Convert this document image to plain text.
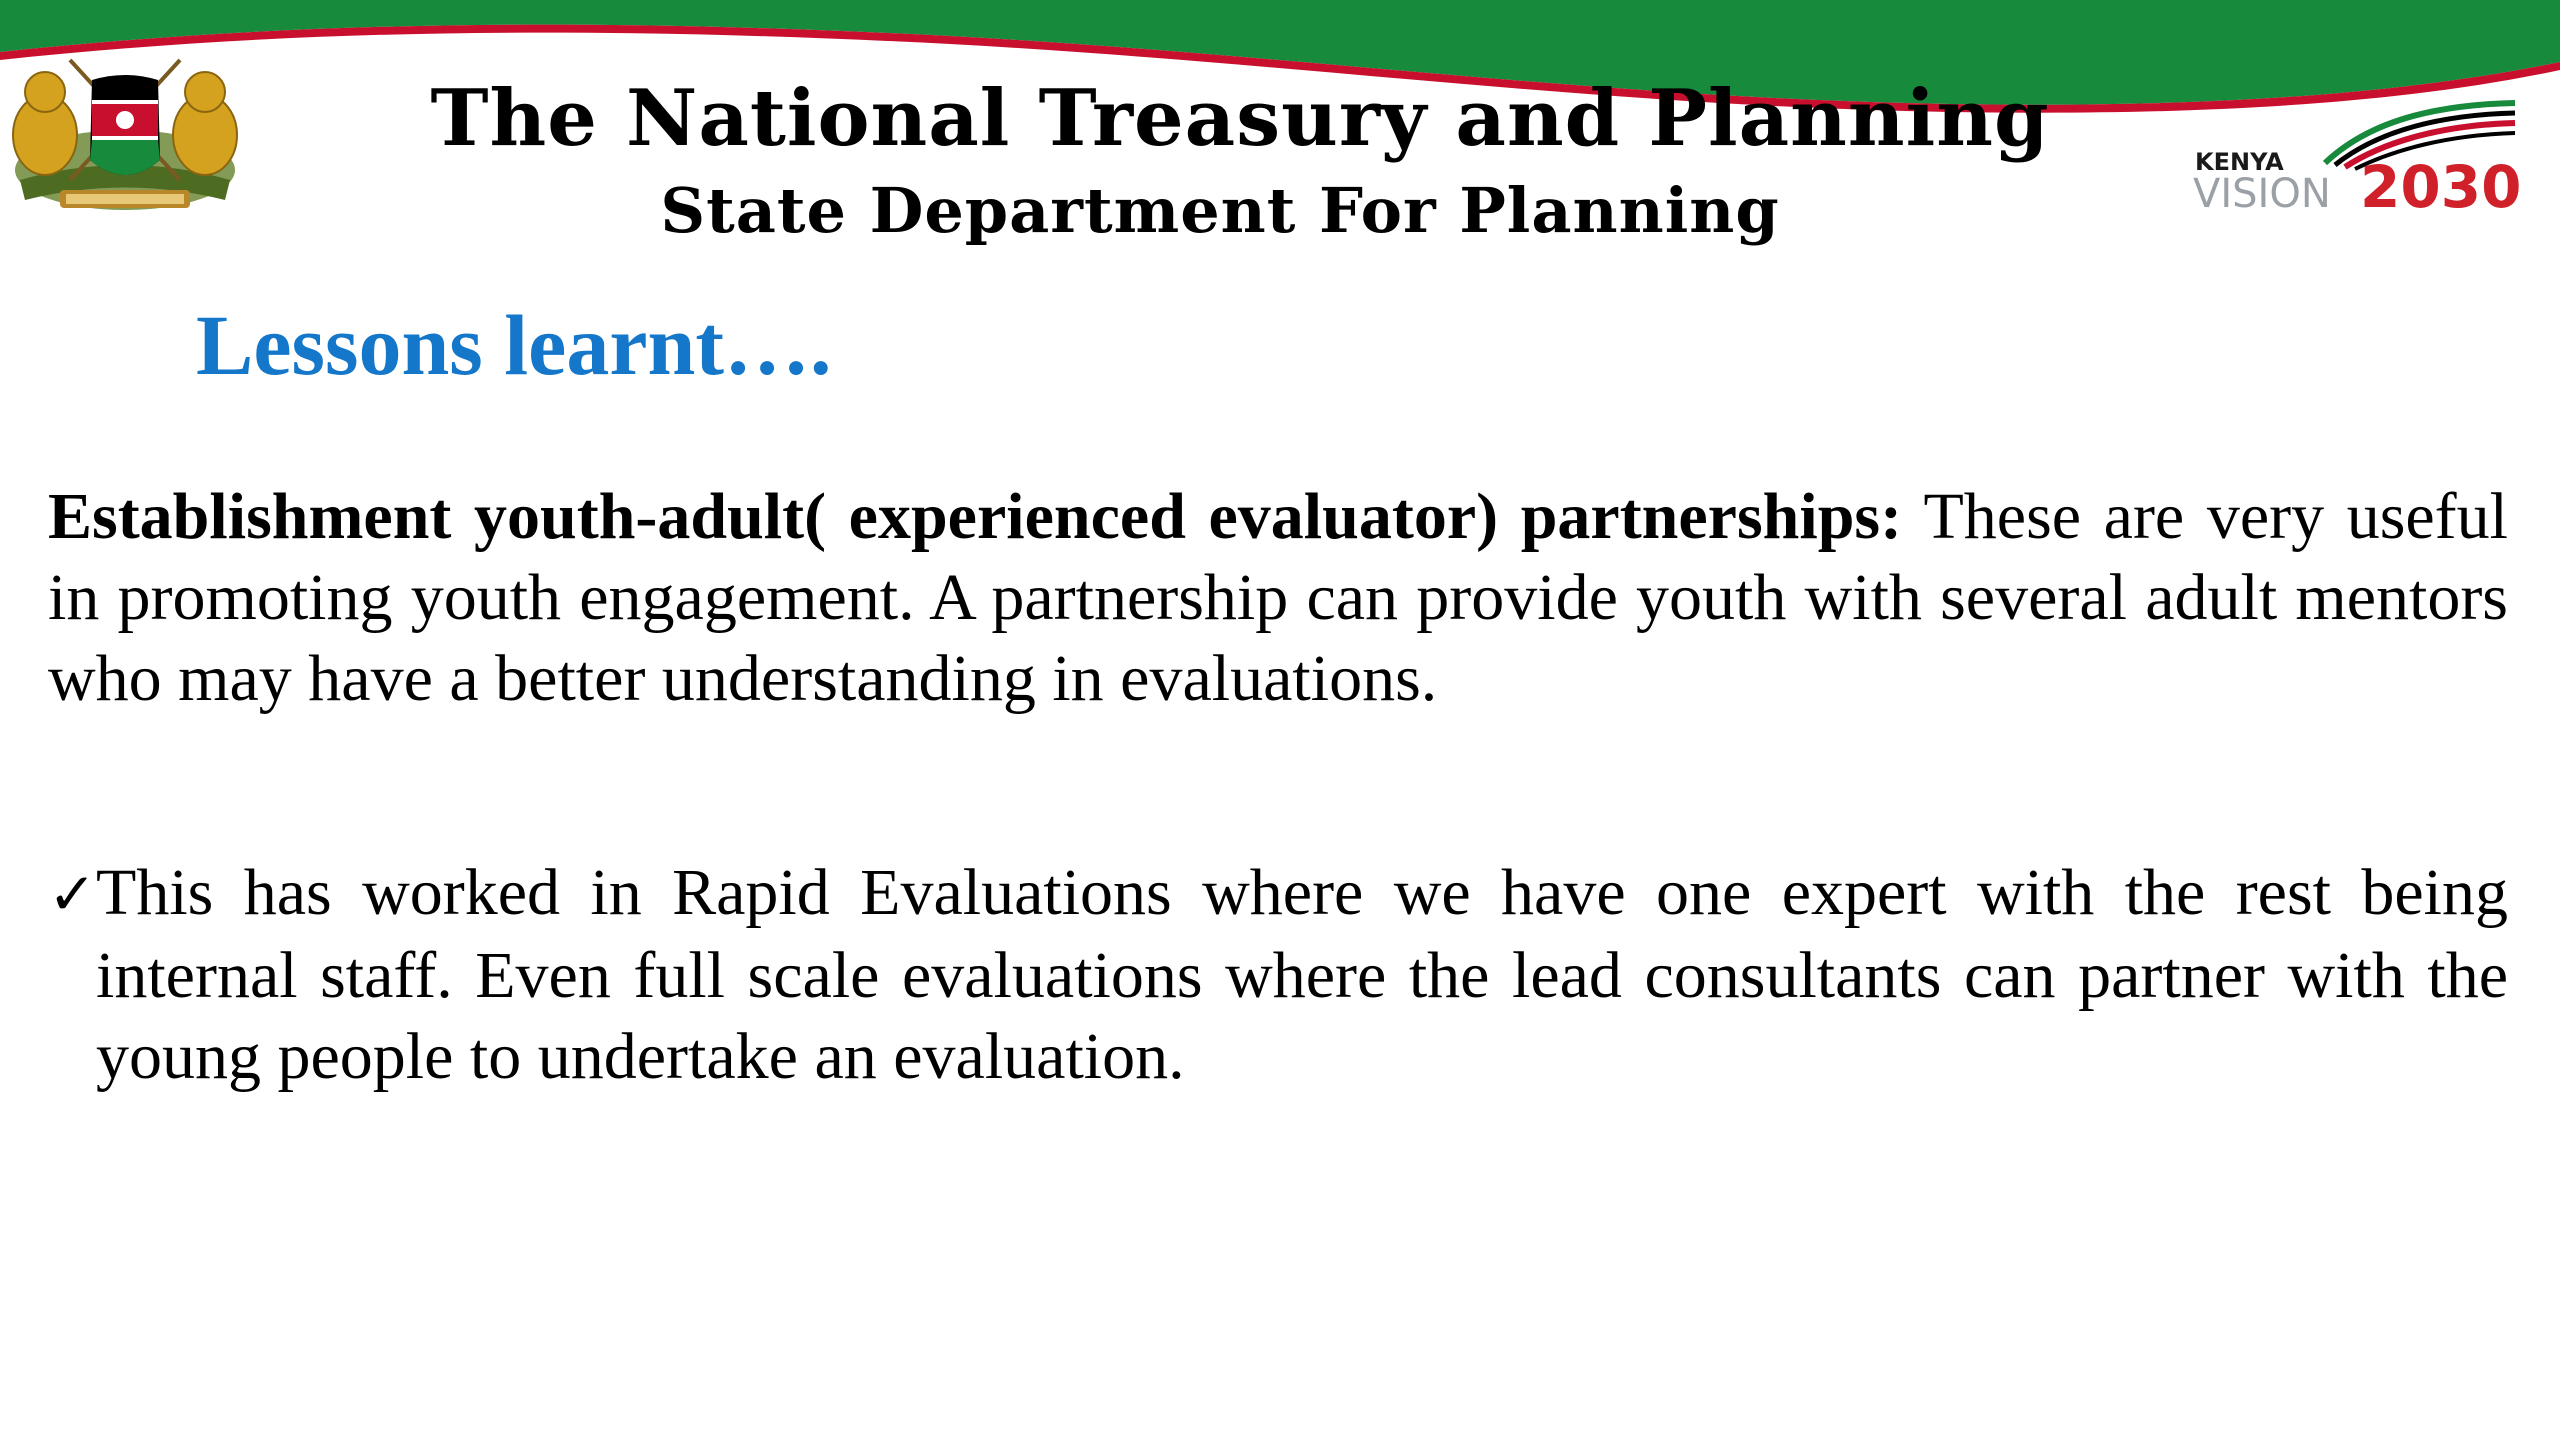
The National Treasury and Planning
State Department For Planning
KENYA
VISION 2030
Lessons learnt….
Establishment youth-adult( experienced evaluator) partnerships: These are very useful in promoting youth engagement. A partnership can provide youth with several adult mentors who may have a better understanding in evaluations.
✓This has worked in Rapid Evaluations where we have one expert with the rest being internal staff. Even full scale evaluations where the lead consultants can partner with the young people to undertake an evaluation.
